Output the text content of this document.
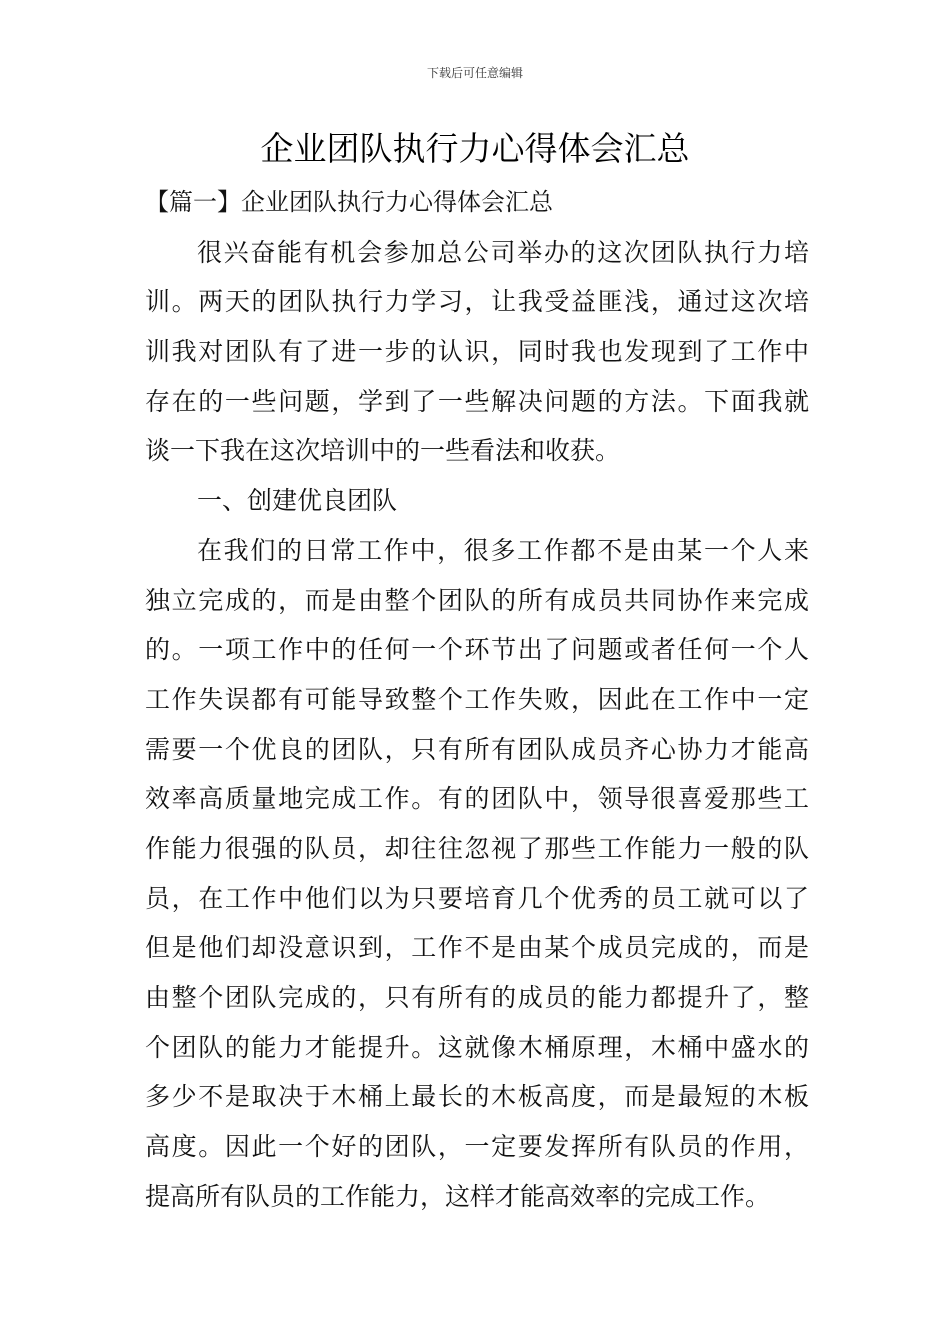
下载后可任意编辑
企业团队执行力心得体会汇总
【篇一】企业团队执行力心得体会汇总
很兴奋能有机会参加总公司举办的这次团队执行力培
训。两天的团队执行力学习，让我受益匪浅，通过这次培
训我对团队有了进一步的认识，同时我也发现到了工作中
存在的一些问题，学到了一些解决问题的方法。下面我就
谈一下我在这次培训中的一些看法和收获。
一、创建优良团队
在我们的日常工作中，很多工作都不是由某一个人来
独立完成的，而是由整个团队的所有成员共同协作来完成
的。一项工作中的任何一个环节出了问题或者任何一个人
工作失误都有可能导致整个工作失败，因此在工作中一定
需要一个优良的团队，只有所有团队成员齐心协力才能高
效率高质量地完成工作。有的团队中，领导很喜爱那些工
作能力很强的队员，却往往忽视了那些工作能力一般的队
员，在工作中他们以为只要培育几个优秀的员工就可以了
但是他们却没意识到，工作不是由某个成员完成的，而是
由整个团队完成的，只有所有的成员的能力都提升了，整
个团队的能力才能提升。这就像木桶原理，木桶中盛水的
多少不是取决于木桶上最长的木板高度，而是最短的木板
高度。因此一个好的团队，一定要发挥所有队员的作用，
提高所有队员的工作能力，这样才能高效率的完成工作。
